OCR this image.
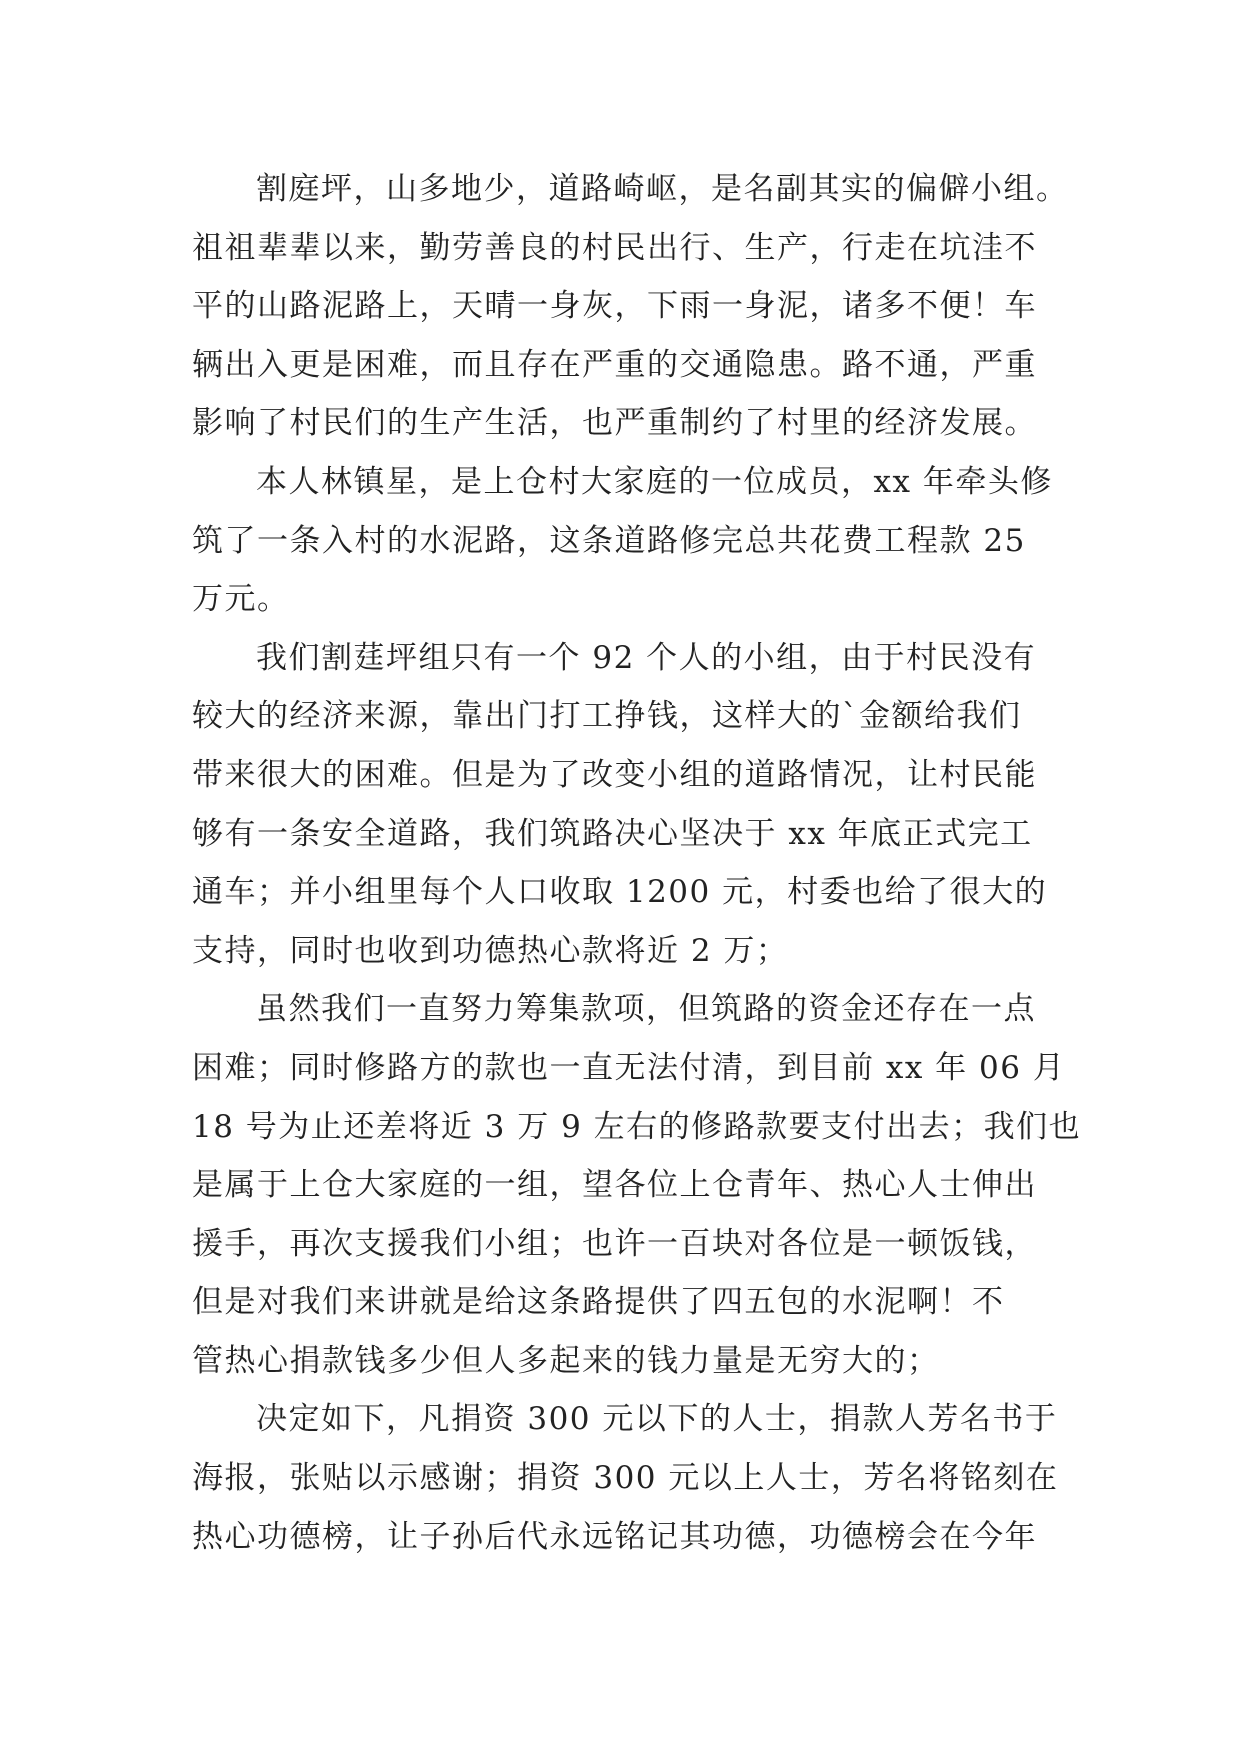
割庭坪，山多地少，道路崎岖，是名副其实的偏僻小组。
祖祖辈辈以来，勤劳善良的村民出行、生产，行走在坑洼不
平的山路泥路上，天晴一身灰，下雨一身泥，诸多不便！车
辆出入更是困难，而且存在严重的交通隐患。路不通，严重
影响了村民们的生产生活，也严重制约了村里的经济发展。
本人林镇星，是上仓村大家庭的一位成员，xx 年牵头修
筑了一条入村的水泥路，这条道路修完总共花费工程款 25
万元。
我们割莛坪组只有一个 92 个人的小组，由于村民没有
较大的经济来源，靠出门打工挣钱，这样大的`金额给我们
带来很大的困难。但是为了改变小组的道路情况，让村民能
够有一条安全道路，我们筑路决心坚决于 xx 年底正式完工
通车；并小组里每个人口收取 1200 元，村委也给了很大的
支持，同时也收到功德热心款将近 2 万；
虽然我们一直努力筹集款项，但筑路的资金还存在一点
困难；同时修路方的款也一直无法付清，到目前 xx 年 06 月
18 号为止还差将近 3 万 9 左右的修路款要支付出去；我们也
是属于上仓大家庭的一组，望各位上仓青年、热心人士伸出
援手，再次支援我们小组；也许一百块对各位是一顿饭钱，
但是对我们来讲就是给这条路提供了四五包的水泥啊！不
管热心捐款钱多少但人多起来的钱力量是无穷大的；
决定如下，凡捐资 300 元以下的人士，捐款人芳名书于
海报，张贴以示感谢；捐资 300 元以上人士，芳名将铭刻在
热心功德榜，让子孙后代永远铭记其功德，功德榜会在今年
